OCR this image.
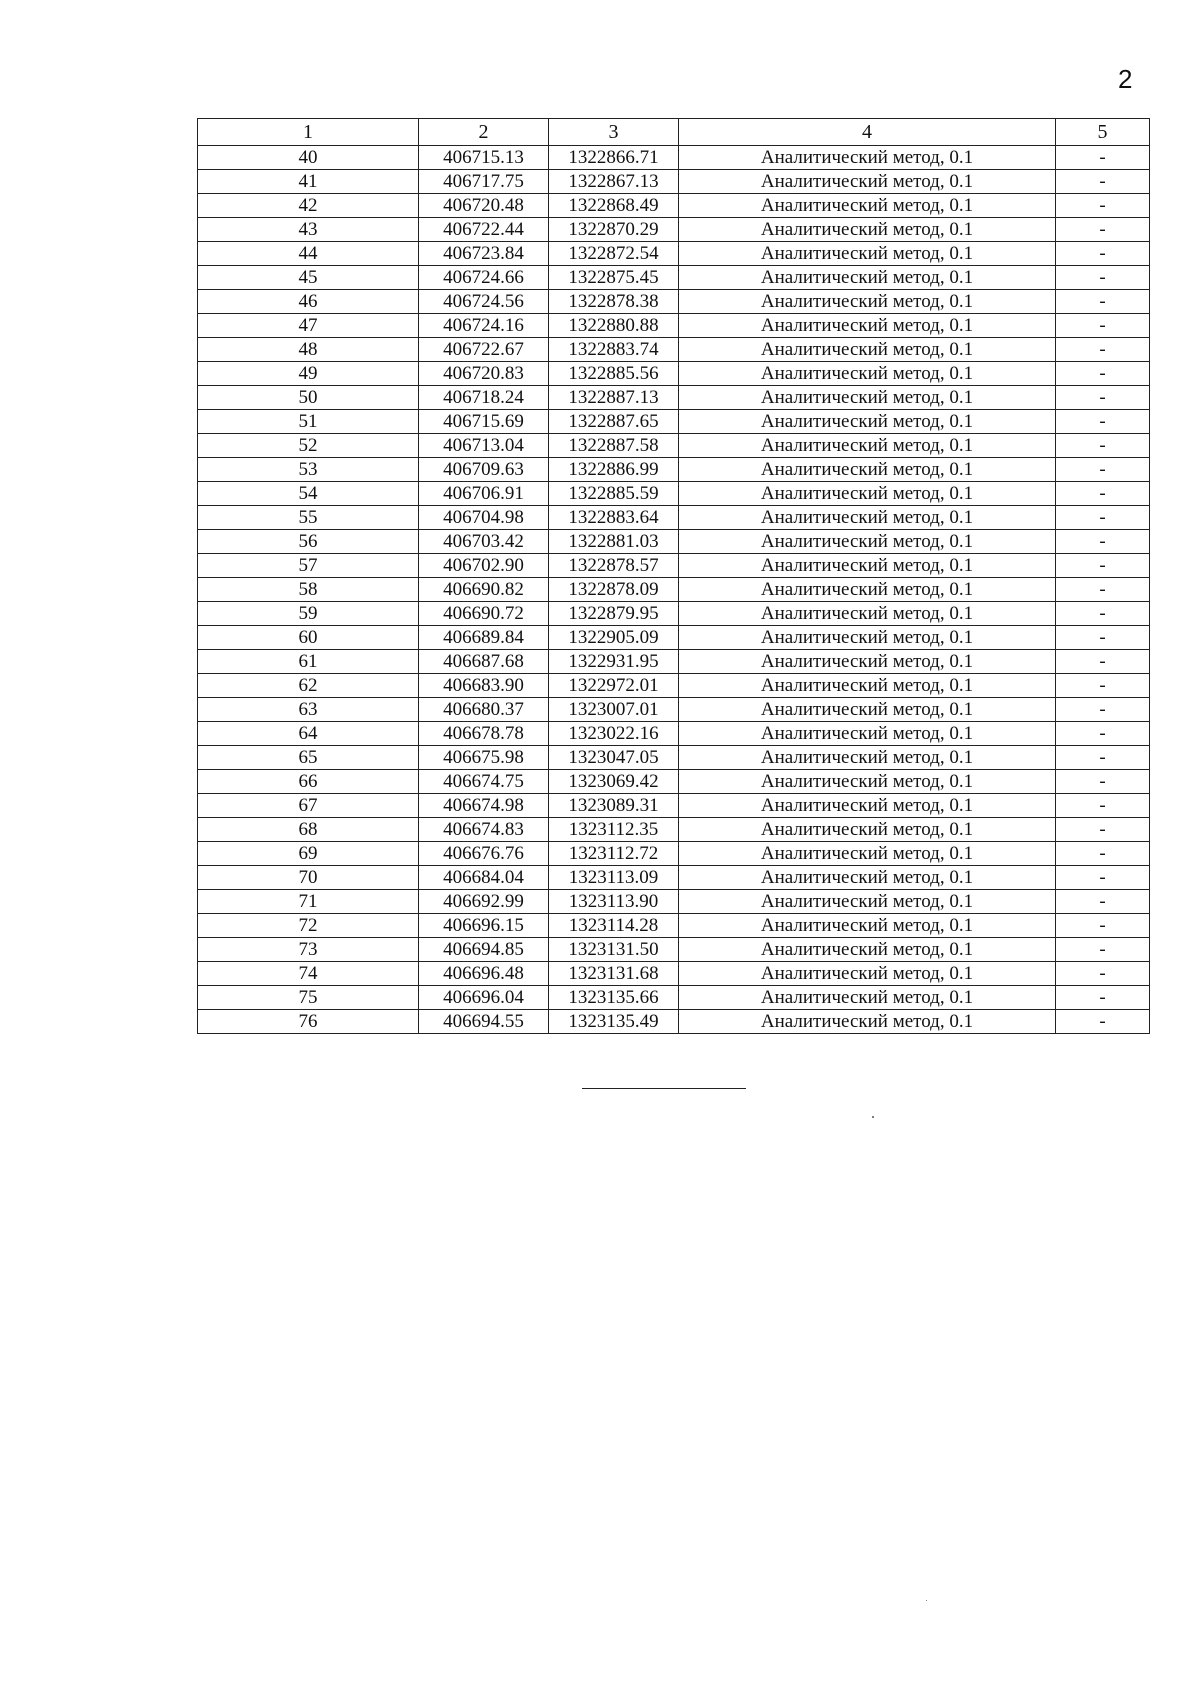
2
1	2	3	4	5
40	406715.13	1322866.71	Аналитический метод, 0.1	-
41	406717.75	1322867.13	Аналитический метод, 0.1	-
42	406720.48	1322868.49	Аналитический метод, 0.1	-
43	406722.44	1322870.29	Аналитический метод, 0.1	-
44	406723.84	1322872.54	Аналитический метод, 0.1	-
45	406724.66	1322875.45	Аналитический метод, 0.1	-
46	406724.56	1322878.38	Аналитический метод, 0.1	-
47	406724.16	1322880.88	Аналитический метод, 0.1	-
48	406722.67	1322883.74	Аналитический метод, 0.1	-
49	406720.83	1322885.56	Аналитический метод, 0.1	-
50	406718.24	1322887.13	Аналитический метод, 0.1	-
51	406715.69	1322887.65	Аналитический метод, 0.1	-
52	406713.04	1322887.58	Аналитический метод, 0.1	-
53	406709.63	1322886.99	Аналитический метод, 0.1	-
54	406706.91	1322885.59	Аналитический метод, 0.1	-
55	406704.98	1322883.64	Аналитический метод, 0.1	-
56	406703.42	1322881.03	Аналитический метод, 0.1	-
57	406702.90	1322878.57	Аналитический метод, 0.1	-
58	406690.82	1322878.09	Аналитический метод, 0.1	-
59	406690.72	1322879.95	Аналитический метод, 0.1	-
60	406689.84	1322905.09	Аналитический метод, 0.1	-
61	406687.68	1322931.95	Аналитический метод, 0.1	-
62	406683.90	1322972.01	Аналитический метод, 0.1	-
63	406680.37	1323007.01	Аналитический метод, 0.1	-
64	406678.78	1323022.16	Аналитический метод, 0.1	-
65	406675.98	1323047.05	Аналитический метод, 0.1	-
66	406674.75	1323069.42	Аналитический метод, 0.1	-
67	406674.98	1323089.31	Аналитический метод, 0.1	-
68	406674.83	1323112.35	Аналитический метод, 0.1	-
69	406676.76	1323112.72	Аналитический метод, 0.1	-
70	406684.04	1323113.09	Аналитический метод, 0.1	-
71	406692.99	1323113.90	Аналитический метод, 0.1	-
72	406696.15	1323114.28	Аналитический метод, 0.1	-
73	406694.85	1323131.50	Аналитический метод, 0.1	-
74	406696.48	1323131.68	Аналитический метод, 0.1	-
75	406696.04	1323135.66	Аналитический метод, 0.1	-
76	406694.55	1323135.49	Аналитический метод, 0.1	-
